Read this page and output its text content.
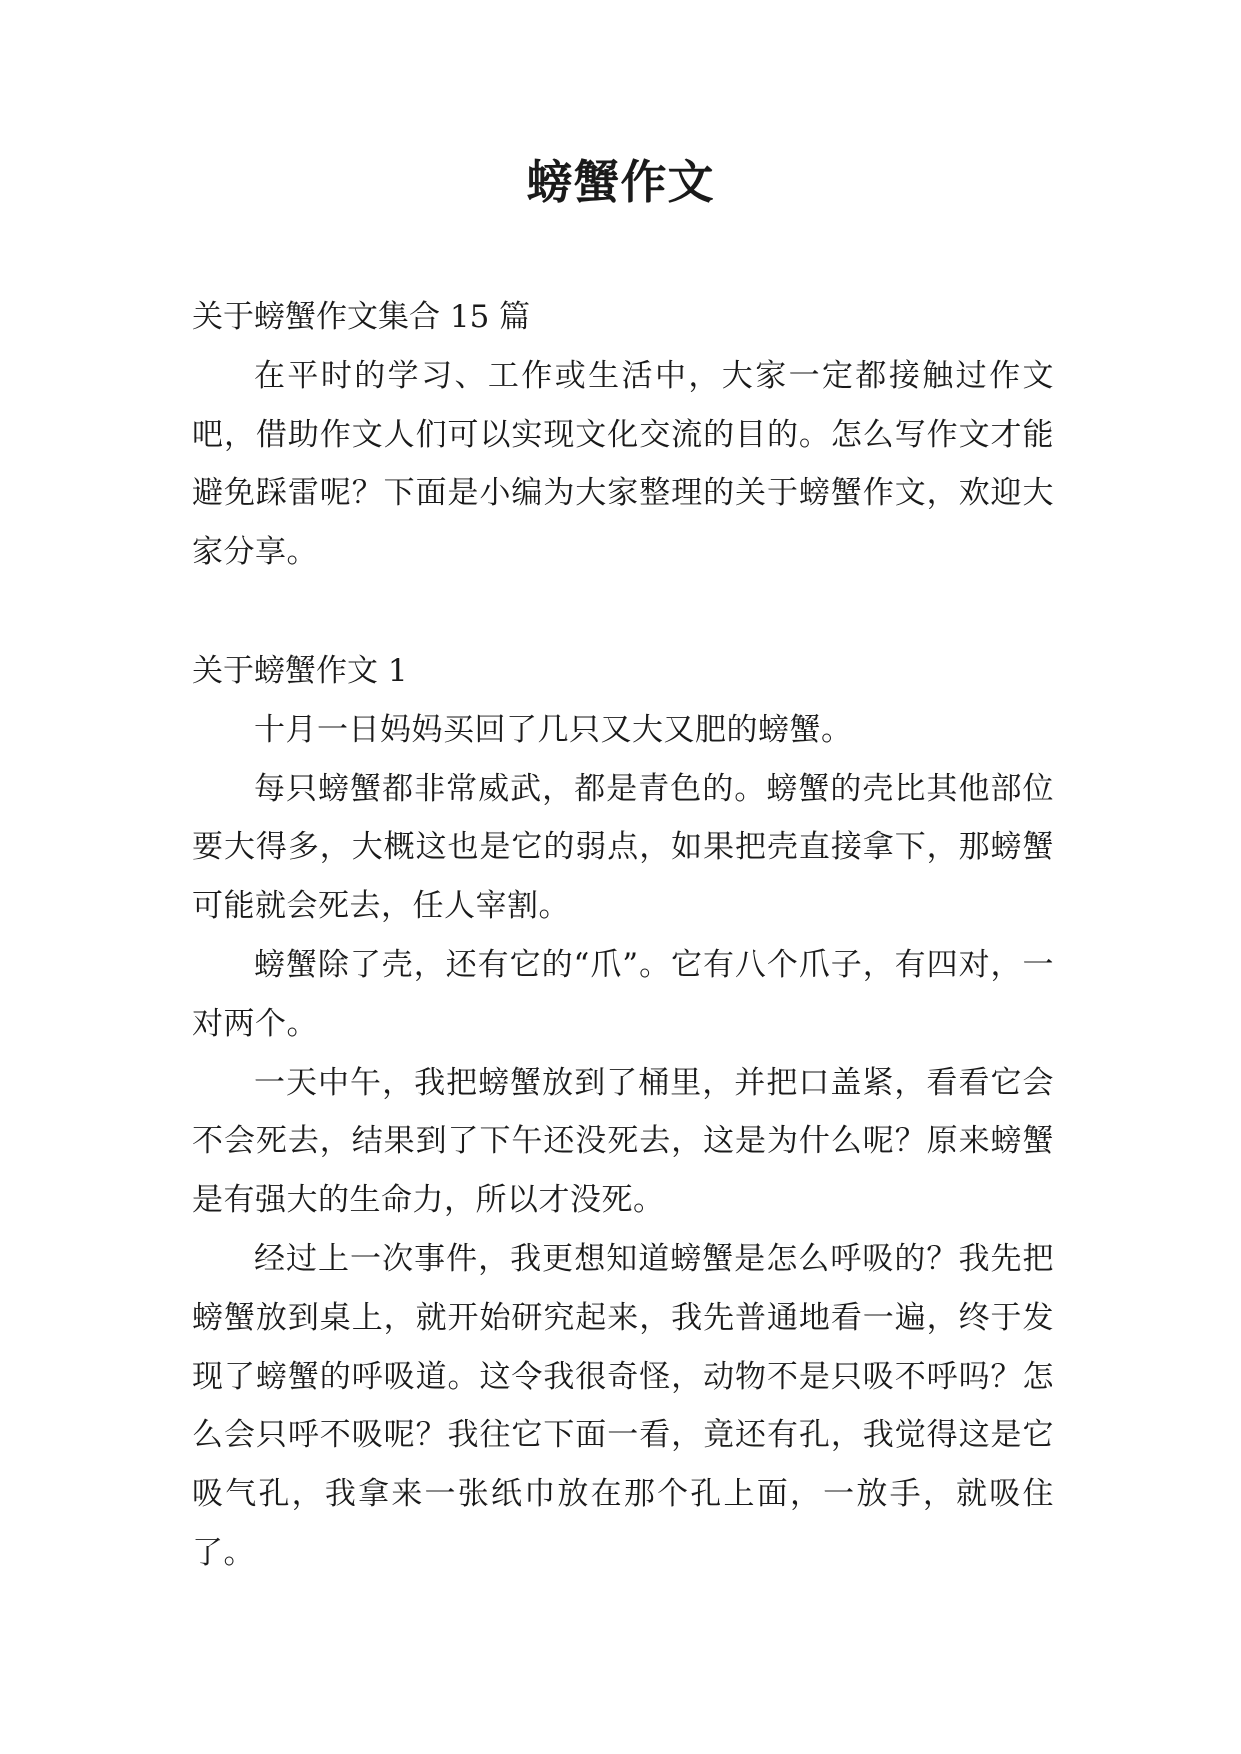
螃蟹作文
关于螃蟹作文集合 15 篇

在平时的学习、工作或生活中，大家一定都接触过作文吧，借助作文人们可以实现文化交流的目的。怎么写作文才能避免踩雷呢？下面是小编为大家整理的关于螃蟹作文，欢迎大家分享。

关于螃蟹作文 1

十月一日妈妈买回了几只又大又肥的螃蟹。

每只螃蟹都非常威武，都是青色的。螃蟹的壳比其他部位要大得多，大概这也是它的弱点，如果把壳直接拿下，那螃蟹可能就会死去，任人宰割。

螃蟹除了壳，还有它的“爪”。它有八个爪子，有四对，一对两个。

一天中午，我把螃蟹放到了桶里，并把口盖紧，看看它会不会死去，结果到了下午还没死去，这是为什么呢？原来螃蟹是有强大的生命力，所以才没死。

经过上一次事件，我更想知道螃蟹是怎么呼吸的？我先把螃蟹放到桌上，就开始研究起来，我先普通地看一遍，终于发现了螃蟹的呼吸道。这令我很奇怪，动物不是只吸不呼吗？怎么会只呼不吸呢？我往它下面一看，竟还有孔，我觉得这是它吸气孔，我拿来一张纸巾放在那个孔上面，一放手，就吸住了。
